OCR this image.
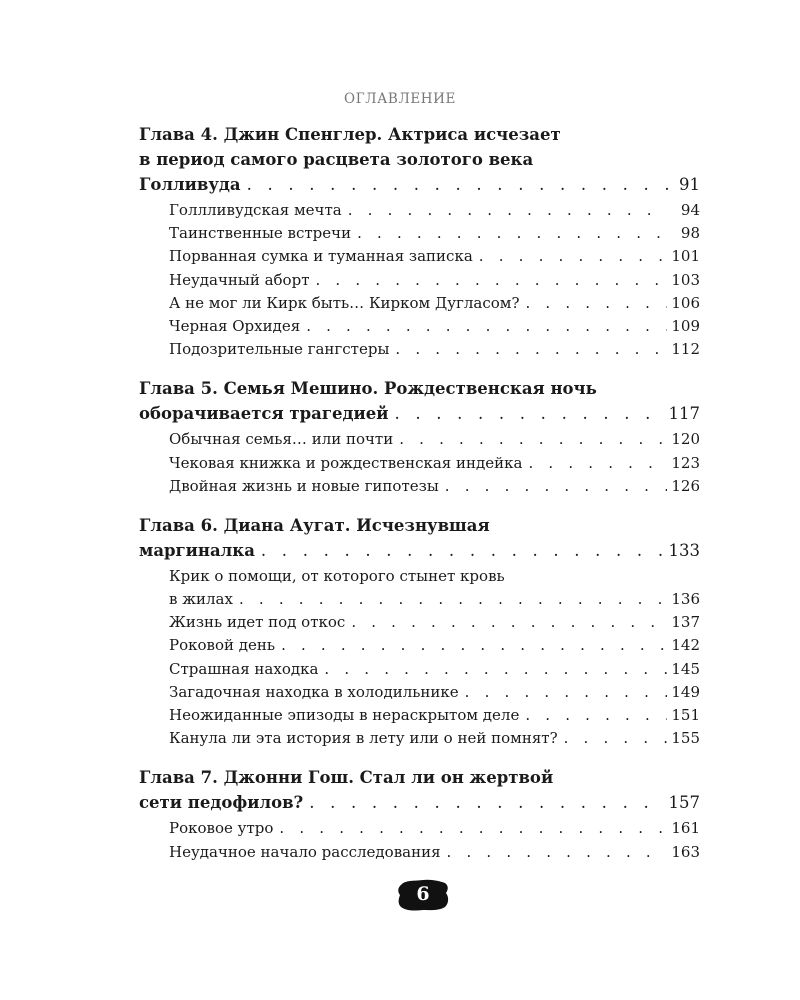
ОГЛАВЛЕНИЕ
Глава 4. Джин Спенглер. Актриса исчезает
в период самого расцвета золотого века
Голливуда . . .	91
Голлливудская мечта . . .	94
Таинственные встречи . . .	98
Порванная сумка и туманная записка . . .	101
Неудачный аборт . . .	103
А не мог ли Кирк быть… Кирком Дугласом? . . .	106
Черная Орхидея . . .	109
Подозрительные гангстеры . . .	112
Глава 5. Семья Мешино. Рождественская ночь
оборачивается трагедией . . .	117
Обычная семья… или почти . . .	120
Чековая книжка и рождественская индейка . . .	123
Двойная жизнь и новые гипотезы . . .	126
Глава 6. Диана Аугат. Исчезнувшая
маргиналка . . .	133
Крик о помощи, от которого стынет кровь
в жилах . . .	136
Жизнь идет под откос . . .	137
Роковой день . . .	142
Страшная находка . . .	145
Загадочная находка в холодильнике . . .	149
Неожиданные эпизоды в нераскрытом деле . . .	151
Канула ли эта история в лету или о ней помнят? . . .	155
Глава 7. Джонни Гош. Стал ли он жертвой
сети педофилов? . . .	157
Роковое утро . . .	161
Неудачное начало расследования . . .	163
6
